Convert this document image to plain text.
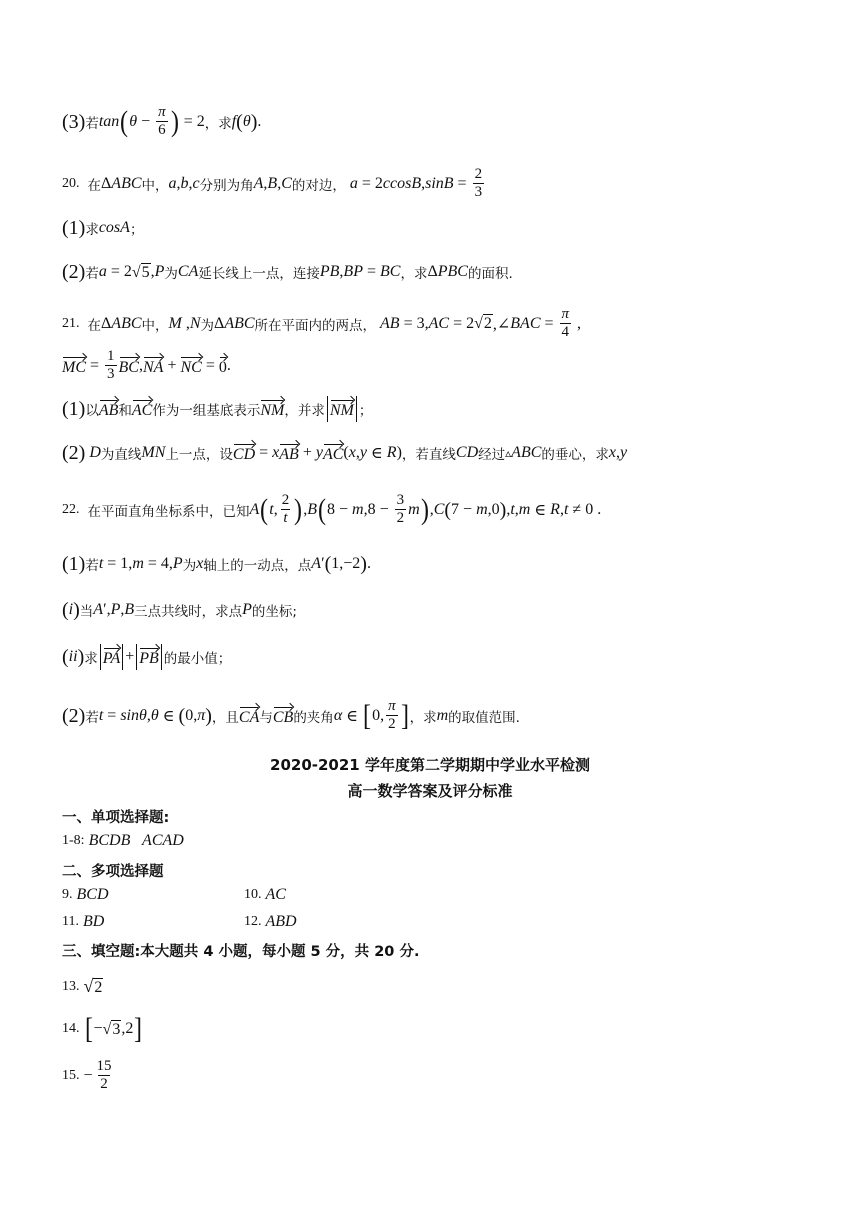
(3) 若 tan ( $\theta - \frac{\pi}{6}$ ) = 2 ，求 f ( θ ) .
20. 在 Δ ABC 中， a , b , c 分别为角 A , B , C 的对边， a = 2 ccosB , $\sin B = \frac{2}{3}$
(1) 求 cosA ；
(2) 若 a = 2 √ 5 , P 为 CA 延长线上一点，连接 PB , BP = BC ，求 Δ PBC 的面积.
21. 在 Δ ABC 中， M , N 为 Δ ABC 所在平面内的两点， AB = 3, AC = 2 √ 2 ,∠ BAC = $\frac{\pi}{4}$ ,
MC = $\frac{1}{3}$ BC , NA + NC = 0 .
(1) 以 AB 和 AC 作为一组基底表示 NM ，并求 NM ；
(2) D 为直线 MN 上一点，设 CD = x AB + y AC ( x , y ∈ R ) ，若直线 CD 经过 ▵ ABC 的垂心，求 x , y
22. 在平面直角坐标系中，已知 A ( t , $\frac{2}{t}$ ) , B ( 8 − m $,8 - \frac{3}{2}$ m ) , C ( 7 − m ,0 ) , t , m ∈ R , t ≠ 0 .
(1) 若 t = 1, m = 4, P 为 x 轴上的一动点，点 A ′ ( 1,−2 ) .
( i ) 当 A ′, P , B 三点共线时，求点 P 的坐标;
( ii ) 求 PA + PB 的最小值；
(2) 若 t = sinθ , θ ∈ ( 0, π ) ，且 CA 与 CB 的夹角 α ∈ [ 0, $\frac{\pi}{2}$ ] ，求 m 的取值范围.
2020-2021 学年度第二学期期中学业水平检测
高一数学答案及评分标准
一、单项选择题:
1-8: BCDB   ACAD
二、多项选择题
9. BCD	10. AC
11. BD	12. ABD
三、填空题:本大题共 4 小题，每小题 5 分，共 20 分.
13. √ 2
14. [ − √ 3 ,2 ]
15. − $\frac{15}{2}$
